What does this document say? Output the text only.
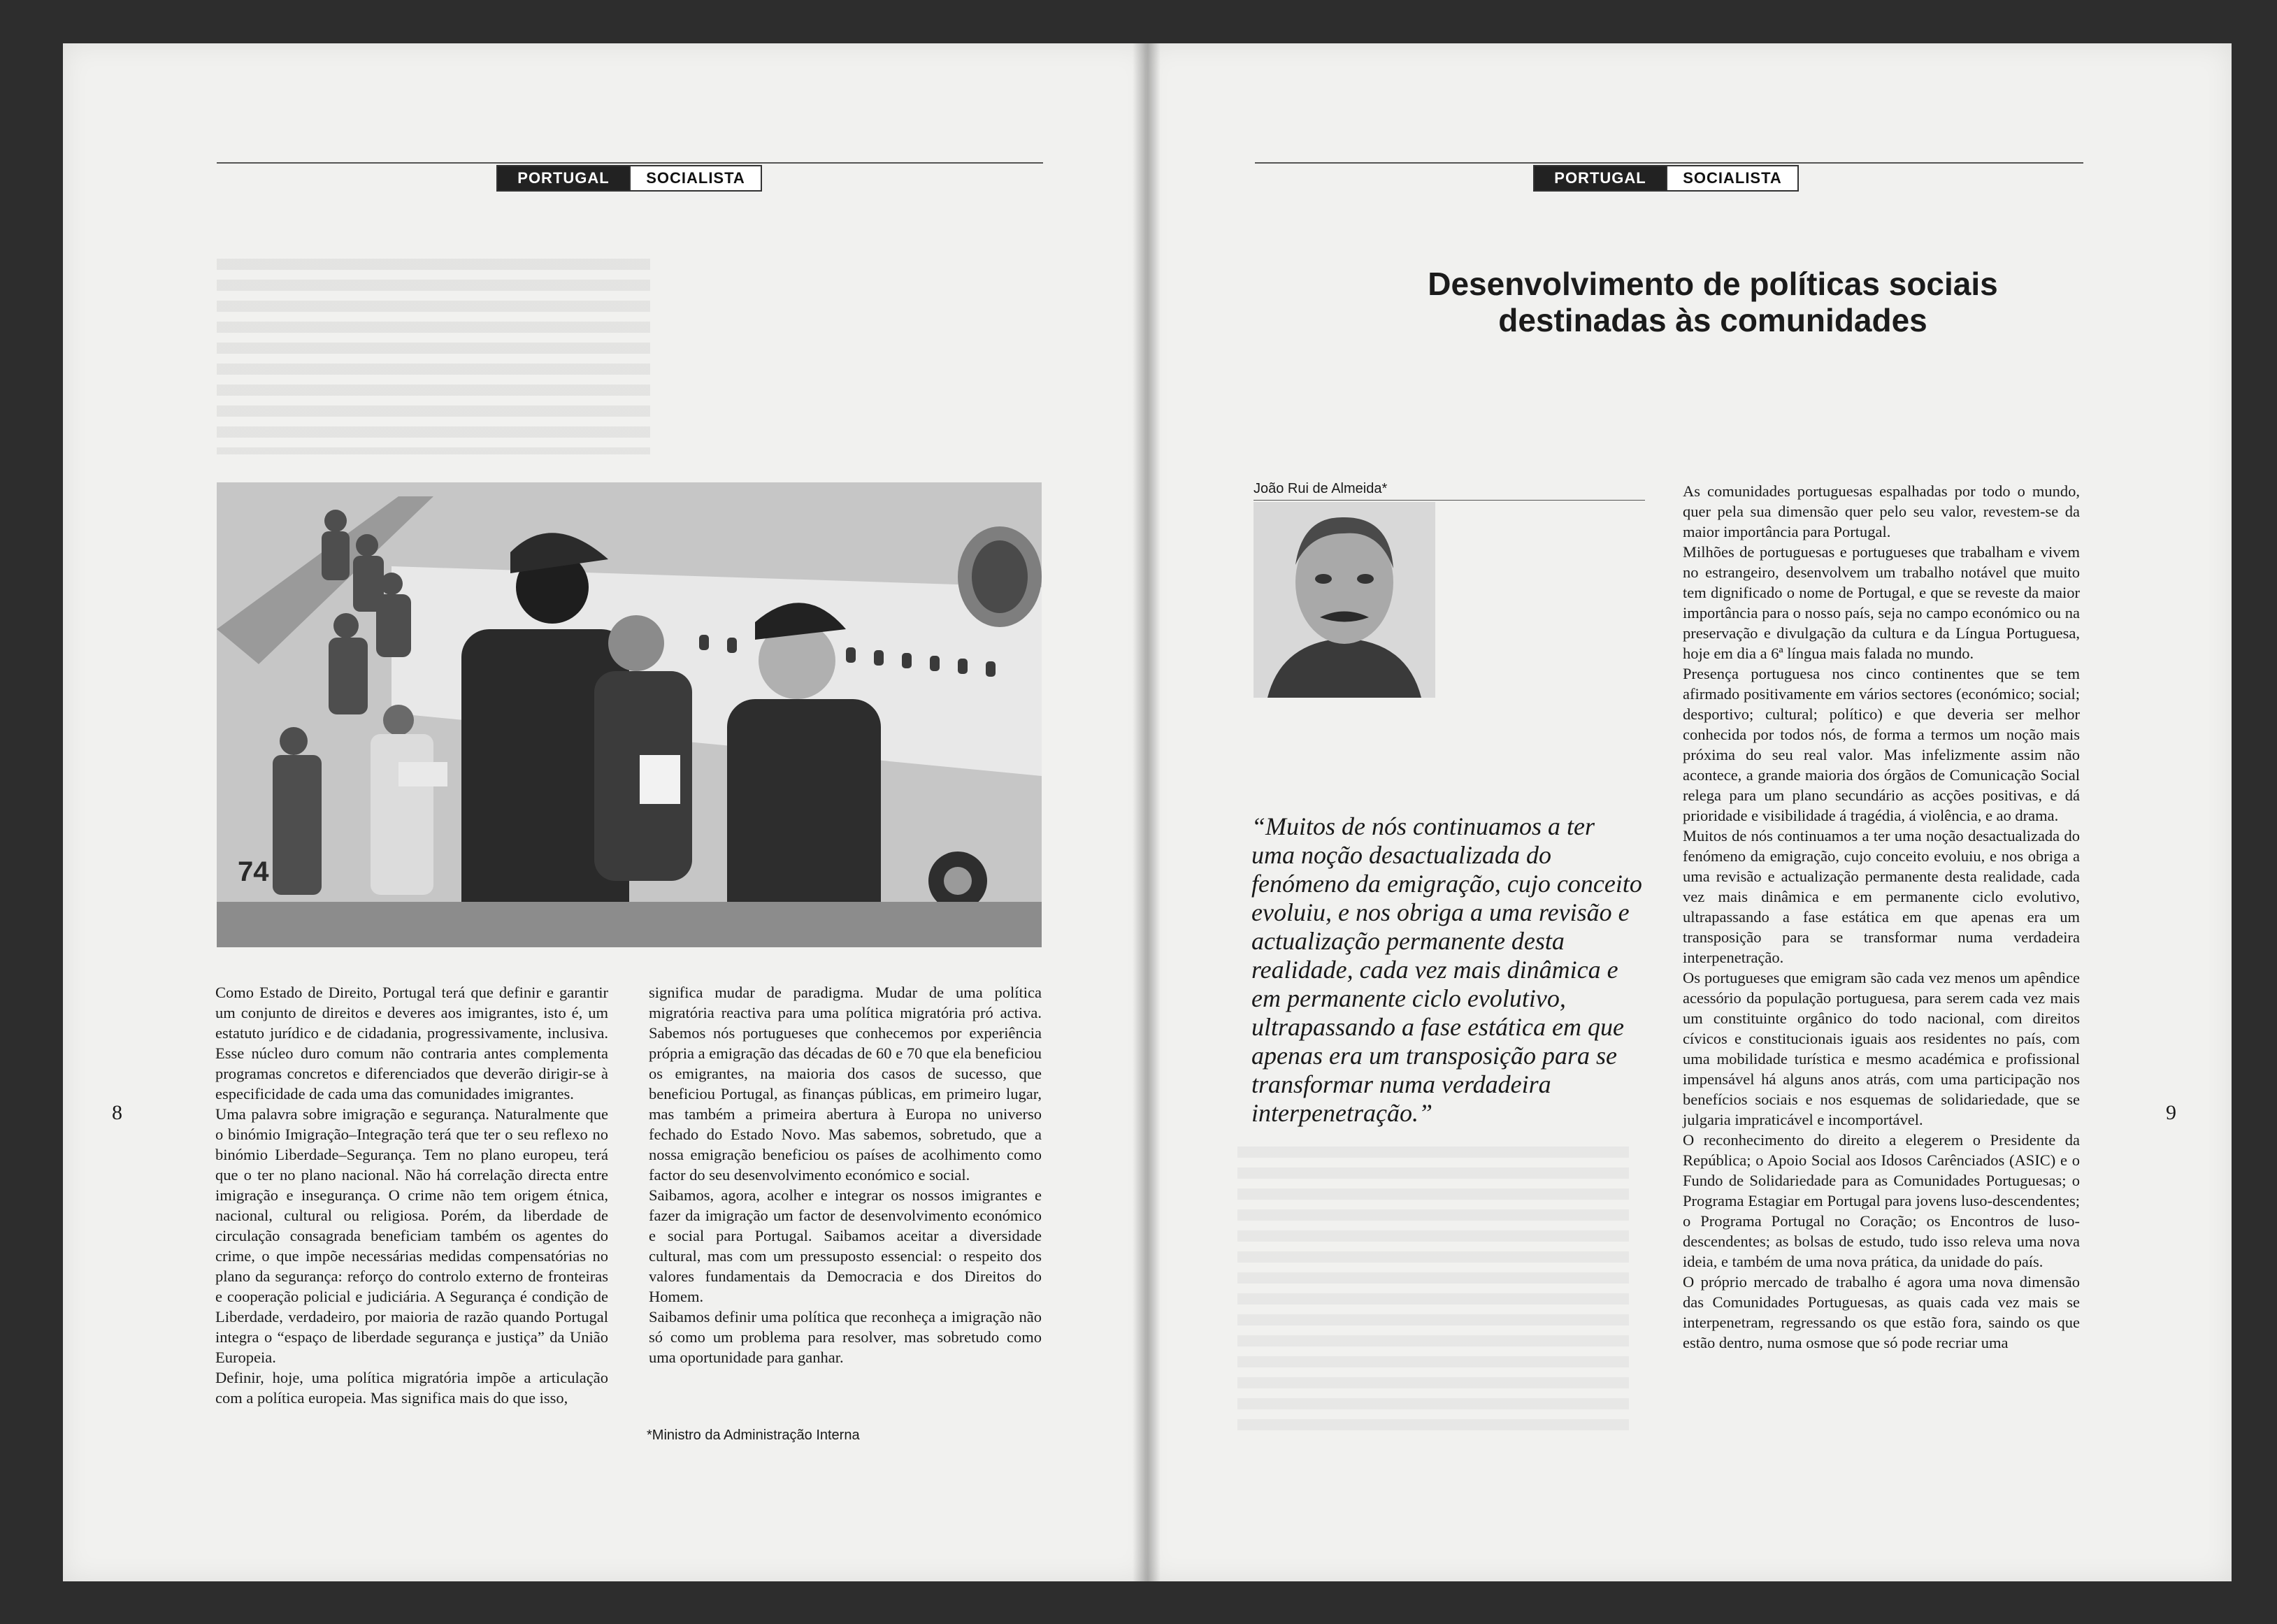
PORTUGAL	SOCIALISTA
74

Como Estado de Direito, Portugal terá que definir e garantir um conjunto de direitos e deveres aos imigrantes, isto é, um estatuto jurídico e de cidadania, progressivamente, inclusiva. Esse núcleo duro comum não contraria antes complementa programas concretos e diferenciados que deverão dirigir-se à especificidade de cada uma das comunidades imigrantes.

Uma palavra sobre imigração e segurança. Naturalmente que o binómio Imigração–Integração terá que ter o seu reflexo no binómio Liberdade–Segurança. Tem no plano europeu, terá que o ter no plano nacional. Não há correlação directa entre imigração e insegurança. O crime não tem origem étnica, nacional, cultural ou religiosa. Porém, da liberdade de circulação consagrada beneficiam também os agentes do crime, o que impõe necessárias medidas compensatórias no plano da segurança: reforço do controlo externo de fronteiras e cooperação policial e judiciária. A Segurança é condição de Liberdade, verdadeiro, por maioria de razão quando Portugal integra o “espaço de liberdade segurança e justiça” da União Europeia.

Definir, hoje, uma política migratória impõe a articulação com a política europeia. Mas significa mais do que isso,

significa mudar de paradigma. Mudar de uma política migratória reactiva para uma política migratória pró activa. Sabemos nós portugueses que conhecemos por experiência própria a emigração das décadas de 60 e 70 que ela beneficiou os emigrantes, na maioria dos casos de sucesso, que beneficiou Portugal, as finanças públicas, em primeiro lugar, mas também a primeira abertura à Europa no universo fechado do Estado Novo. Mas sabemos, sobretudo, que a nossa emigração beneficiou os países de acolhimento como factor do seu desenvolvimento económico e social.

Saibamos, agora, acolher e integrar os nossos imigrantes e fazer da imigração um factor de desenvolvimento económico e social para Portugal. Saibamos aceitar a diversidade cultural, mas com um pressuposto essencial: o respeito dos valores fundamentais da Democracia e dos Direitos do Homem.

Saibamos definir uma política que reconheça a imigração não só como um problema para resolver, mas sobretudo como uma oportunidade para ganhar.

*Ministro da Administração Interna
8
PORTUGAL	SOCIALISTA
Desenvolvimento de políticas sociais
destinadas às comunidades
João Rui de Almeida*
“Muitos de nós continuamos a ter uma noção desactualizada do fenómeno da emigração, cujo conceito evoluiu, e nos obriga a uma revisão e actualização permanente desta realidade, cada vez mais dinâmica e em permanente ciclo evolutivo, ultrapassando a fase estática em que apenas era um transposição para se transformar numa verdadeira interpenetração.”

As comunidades portuguesas espalhadas por todo o mundo, quer pela sua dimensão quer pelo seu valor, revestem-se da maior importância para Portugal.

Milhões de portuguesas e portugueses que trabalham e vivem no estrangeiro, desenvolvem um trabalho notável que muito tem dignificado o nome de Portugal, e que se reveste da maior importância para o nosso país, seja no campo económico ou na preservação e divulgação da cultura e da Língua Portuguesa, hoje em dia a 6ª língua mais falada no mundo.

Presença portuguesa nos cinco continentes que se tem afirmado positivamente em vários sectores (económico; social; desportivo; cultural; político) e que deveria ser melhor conhecida por todos nós, de forma a termos um noção mais próxima do seu real valor. Mas infelizmente assim não acontece, a grande maioria dos órgãos de Comunicação Social relega para um plano secundário as acções positivas, e dá prioridade e visibilidade á tragédia, á violência, e ao drama.

Muitos de nós continuamos a ter uma noção desactualizada do fenómeno da emigração, cujo conceito evoluiu, e nos obriga a uma revisão e actualização permanente desta realidade, cada vez mais dinâmica e em permanente ciclo evolutivo, ultrapassando a fase estática em que apenas era um transposição para se transformar numa verdadeira interpenetração.

Os portugueses que emigram são cada vez menos um apêndice acessório da população portuguesa, para serem cada vez mais um constituinte orgânico do todo nacional, com direitos cívicos e constitucionais iguais aos residentes no país, com uma mobilidade turística e mesmo académica e profissional impensável há alguns anos atrás, com uma participação nos benefícios sociais e nos esquemas de solidariedade, que se julgaria impraticável e incomportável.

O reconhecimento do direito a elegerem o Presidente da República; o Apoio Social aos Idosos Carênciados (ASIC) e o Fundo de Solidariedade para as Comunidades Portuguesas; o Programa Estagiar em Portugal para jovens luso-descendentes; o Programa Portugal no Coração; os Encontros de luso-descendentes; as bolsas de estudo, tudo isso releva uma nova ideia, e também de uma nova prática, da unidade do país.

O próprio mercado de trabalho é agora uma nova dimensão das Comunidades Portuguesas, as quais cada vez mais se interpenetram, regressando os que estão fora, saindo os que estão dentro, numa osmose que só pode recriar uma

9
